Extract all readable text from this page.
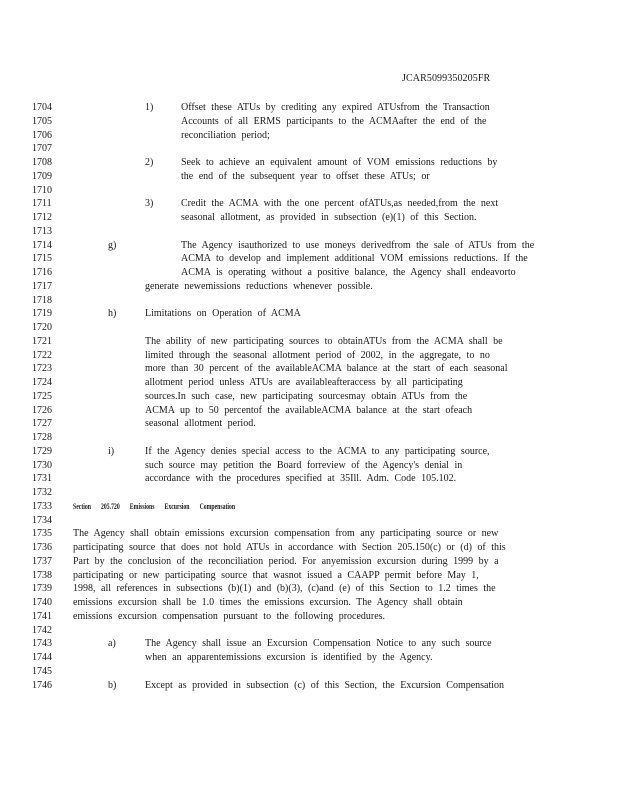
JCAR5099350205FR
1704	1)	Offset these ATUs by crediting any expired ATUsfrom the Transaction
1705	Accounts of all ERMS participants to the ACMAafter the end of the
1706	reconciliation period;
1707
1708	2)	Seek to achieve an equivalent amount of VOM emissions reductions by
1709	the end of the subsequent year to offset these ATUs; or
1710
1711	3)	Credit the ACMA with the one percent ofATUs,as needed,from the next
1712	seasonal allotment, as provided in subsection (e)(1) of this Section.
1713
1714	g)	The Agency isauthorized to use moneys derivedfrom the sale of ATUs from the
1715	ACMA to develop and implement additional VOM emissions reductions. If the
1716	ACMA is operating without a positive balance, the Agency shall endeavorto
1717	generate newemissions reductions whenever possible.
1718
1719	h)	Limitations on Operation of ACMA
1720
1721	The ability of new participating sources to obtainATUs from the ACMA shall be
1722	limited through the seasonal allotment period of 2002, in the aggregate, to no
1723	more than 30 percent of the availableACMA balance at the start of each seasonal
1724	allotment period unless ATUs are availableafteraccess by all participating
1725	sources.In such case, new participating sourcesmay obtain ATUs from the
1726	ACMA up to 50 percentof the availableACMA balance at the start ofeach
1727	seasonal allotment period.
1728
1729	i)	If the Agency denies special access to the ACMA to any participating source,
1730	such source may petition the Board forreview of the Agency's denial in
1731	accordance with the procedures specified at 35Ill. Adm. Code 105.102.
1732
1733	Section 205.720 Emissions Excursion Compensation
1734
1735	The Agency shall obtain emissions excursion compensation from any participating source or new
1736	participating source that does not hold ATUs in accordance with Section 205.150(c) or (d) of this
1737	Part by the conclusion of the reconciliation period. For anyemission excursion during 1999 by a
1738	participating or new participating source that wasnot issued a CAAPP permit before May 1,
1739	1998, all references in subsections (b)(1) and (b)(3), (c)and (e) of this Section to 1.2 times the
1740	emissions excursion shall be 1.0 times the emissions excursion. The Agency shall obtain
1741	emissions excursion compensation pursuant to the following procedures.
1742
1743	a)	The Agency shall issue an Excursion Compensation Notice to any such source
1744	when an apparentemissions excursion is identified by the Agency.
1745
1746	b)	Except as provided in subsection (c) of this Section, the Excursion Compensation
